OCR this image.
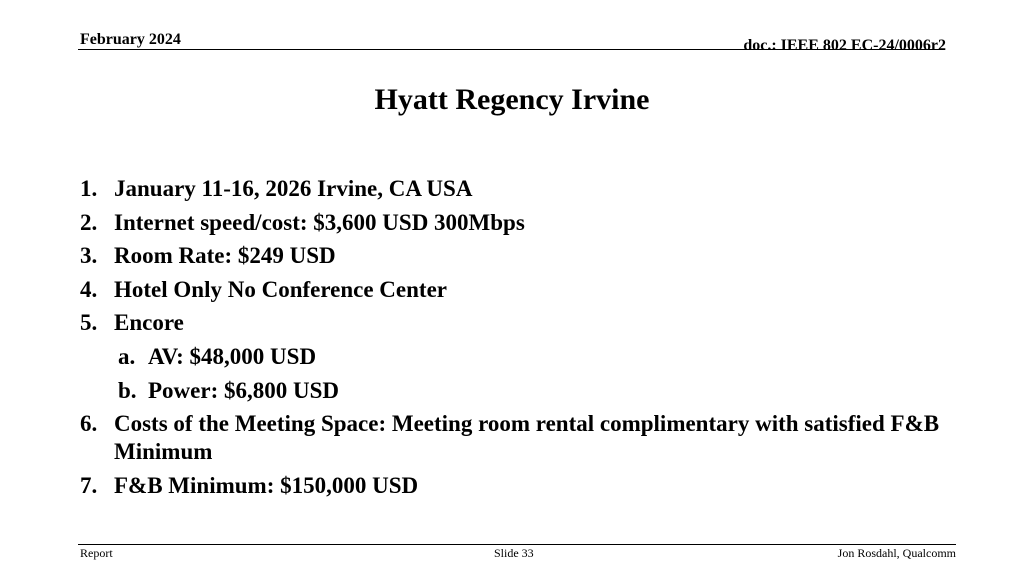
February 2024	doc.: IEEE 802 EC-24/0006r2
Hyatt Regency Irvine
1. January 11-16, 2026 Irvine, CA USA
2. Internet speed/cost: $3,600 USD 300Mbps
3. Room Rate: $249 USD
4. Hotel Only No Conference Center
5. Encore
a. AV: $48,000 USD
b. Power: $6,800 USD
6. Costs of the Meeting Space: Meeting room rental complimentary with satisfied F&B Minimum
7. F&B Minimum: $150,000 USD
Report	Slide 33	Jon Rosdahl, Qualcomm
